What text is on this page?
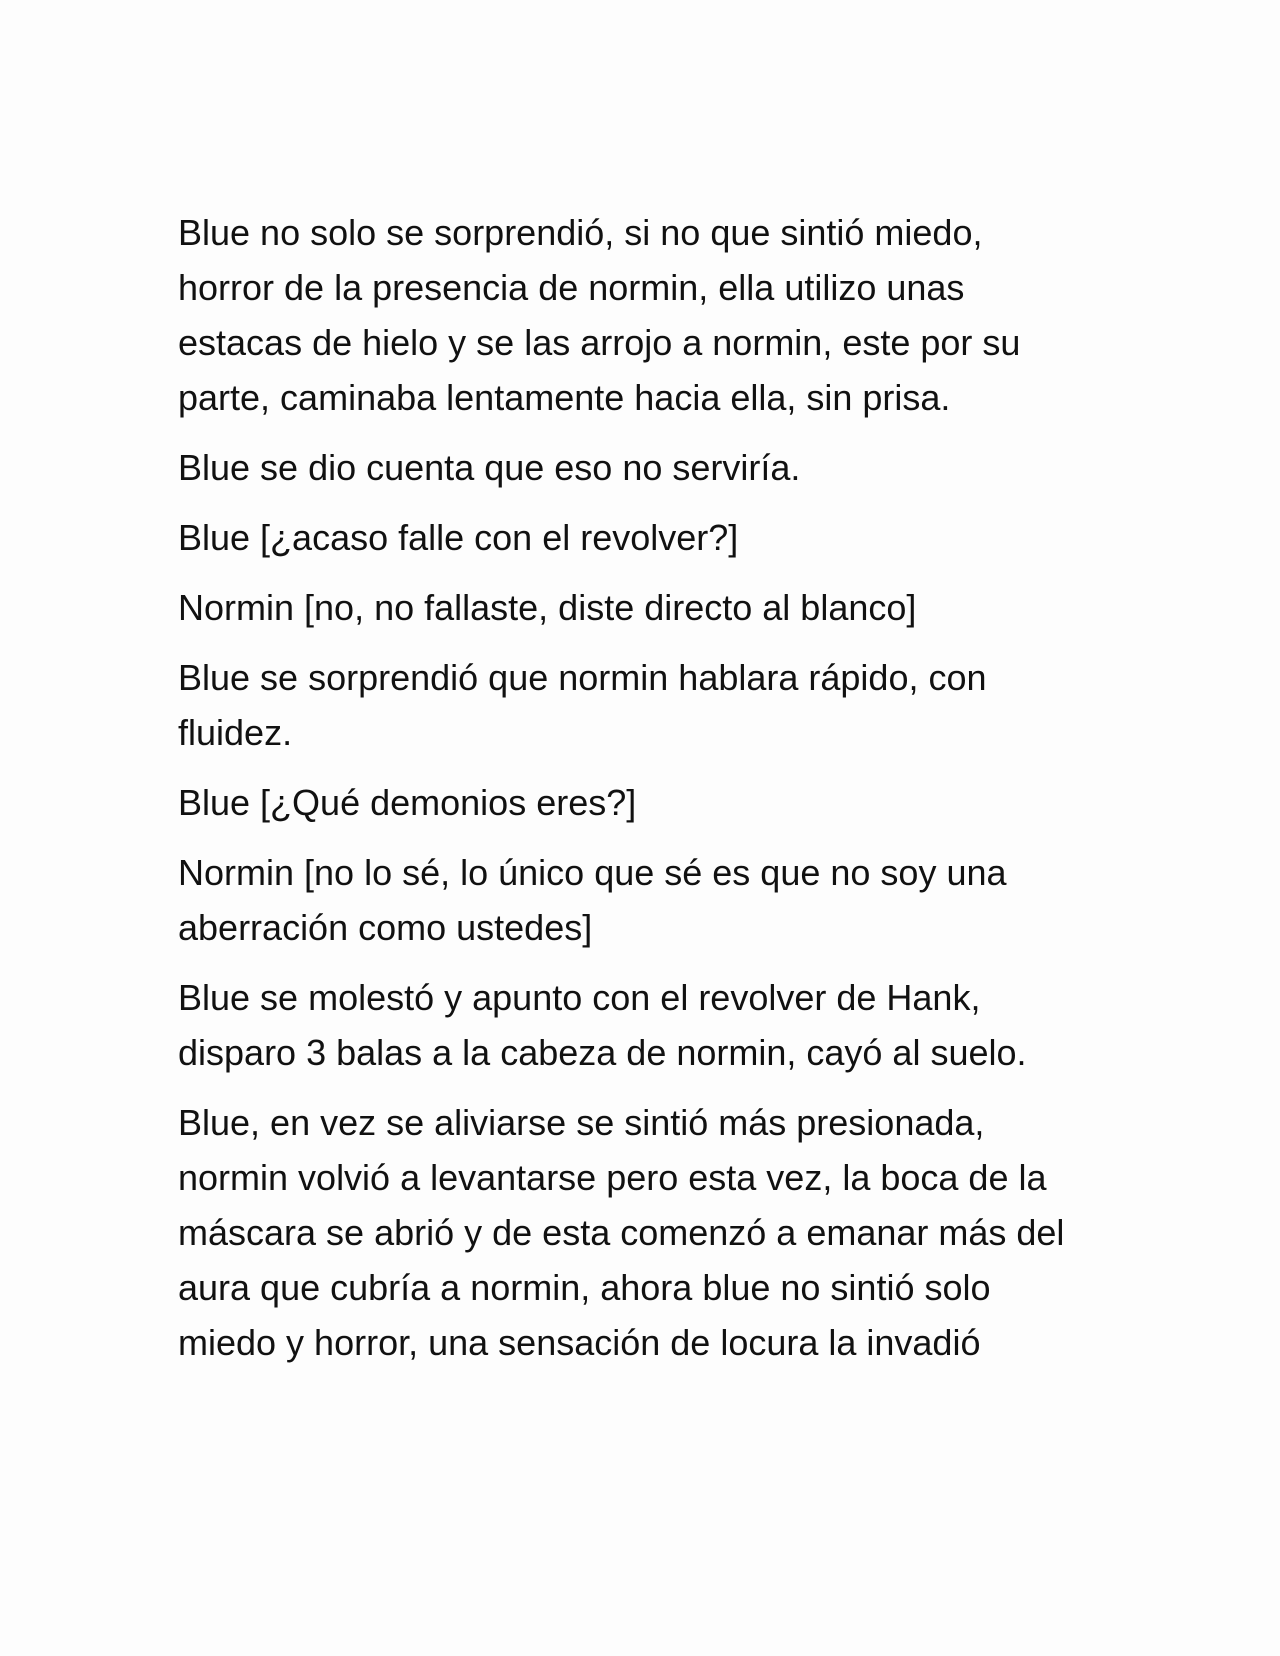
Blue no solo se sorprendió, si no que sintió miedo,
horror de la presencia de normin, ella utilizo unas
estacas de hielo y se las arrojo a normin, este por su
parte, caminaba lentamente hacia ella, sin prisa.

Blue se dio cuenta que eso no serviría.

Blue [¿acaso falle con el revolver?]

Normin [no, no fallaste, diste directo al blanco]

Blue se sorprendió que normin hablara rápido, con
fluidez.

Blue [¿Qué demonios eres?]

Normin [no lo sé, lo único que sé es que no soy una
aberración como ustedes]

Blue se molestó y apunto con el revolver de Hank,
disparo 3 balas a la cabeza de normin, cayó al suelo.

Blue, en vez se aliviarse se sintió más presionada,
normin volvió a levantarse pero esta vez, la boca de la
máscara se abrió y de esta comenzó a emanar más del
aura que cubría a normin, ahora blue no sintió solo
miedo y horror, una sensación de locura la invadió
